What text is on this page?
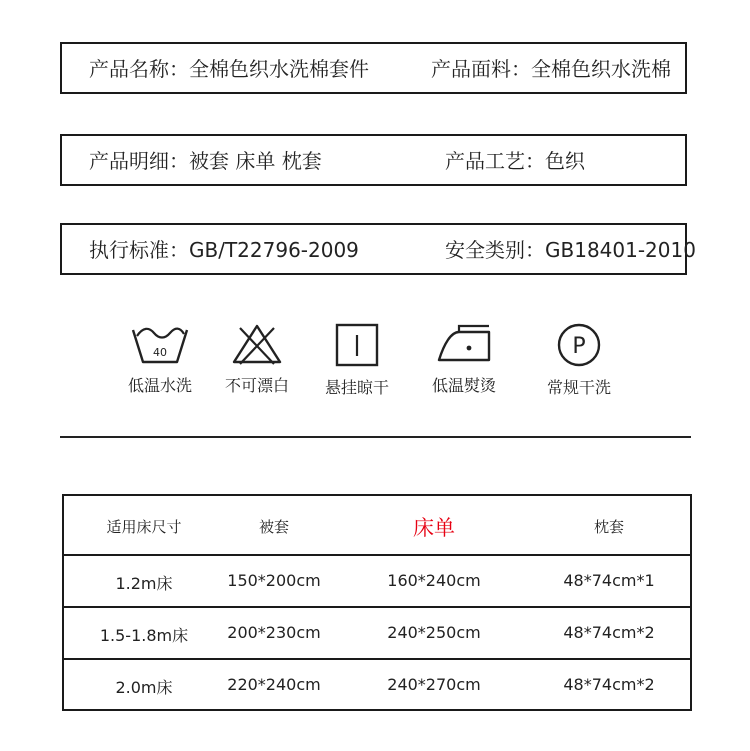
产品名称：全棉色织水洗棉套件	产品面料：全棉色织水洗棉
产品明细：被套 床单 枕套	产品工艺：色织
执行标准：GB/T22796-2009	安全类别：GB18401-2010
40
低温水洗	不可漂白	悬挂晾干	低温熨烫
P
常规干洗
适用床尺寸	被套	床单	枕套
1.2m床	150*200cm	160*240cm	48*74cm*1
1.5-1.8m床	200*230cm	240*250cm	48*74cm*2
2.0m床	220*240cm	240*270cm	48*74cm*2
